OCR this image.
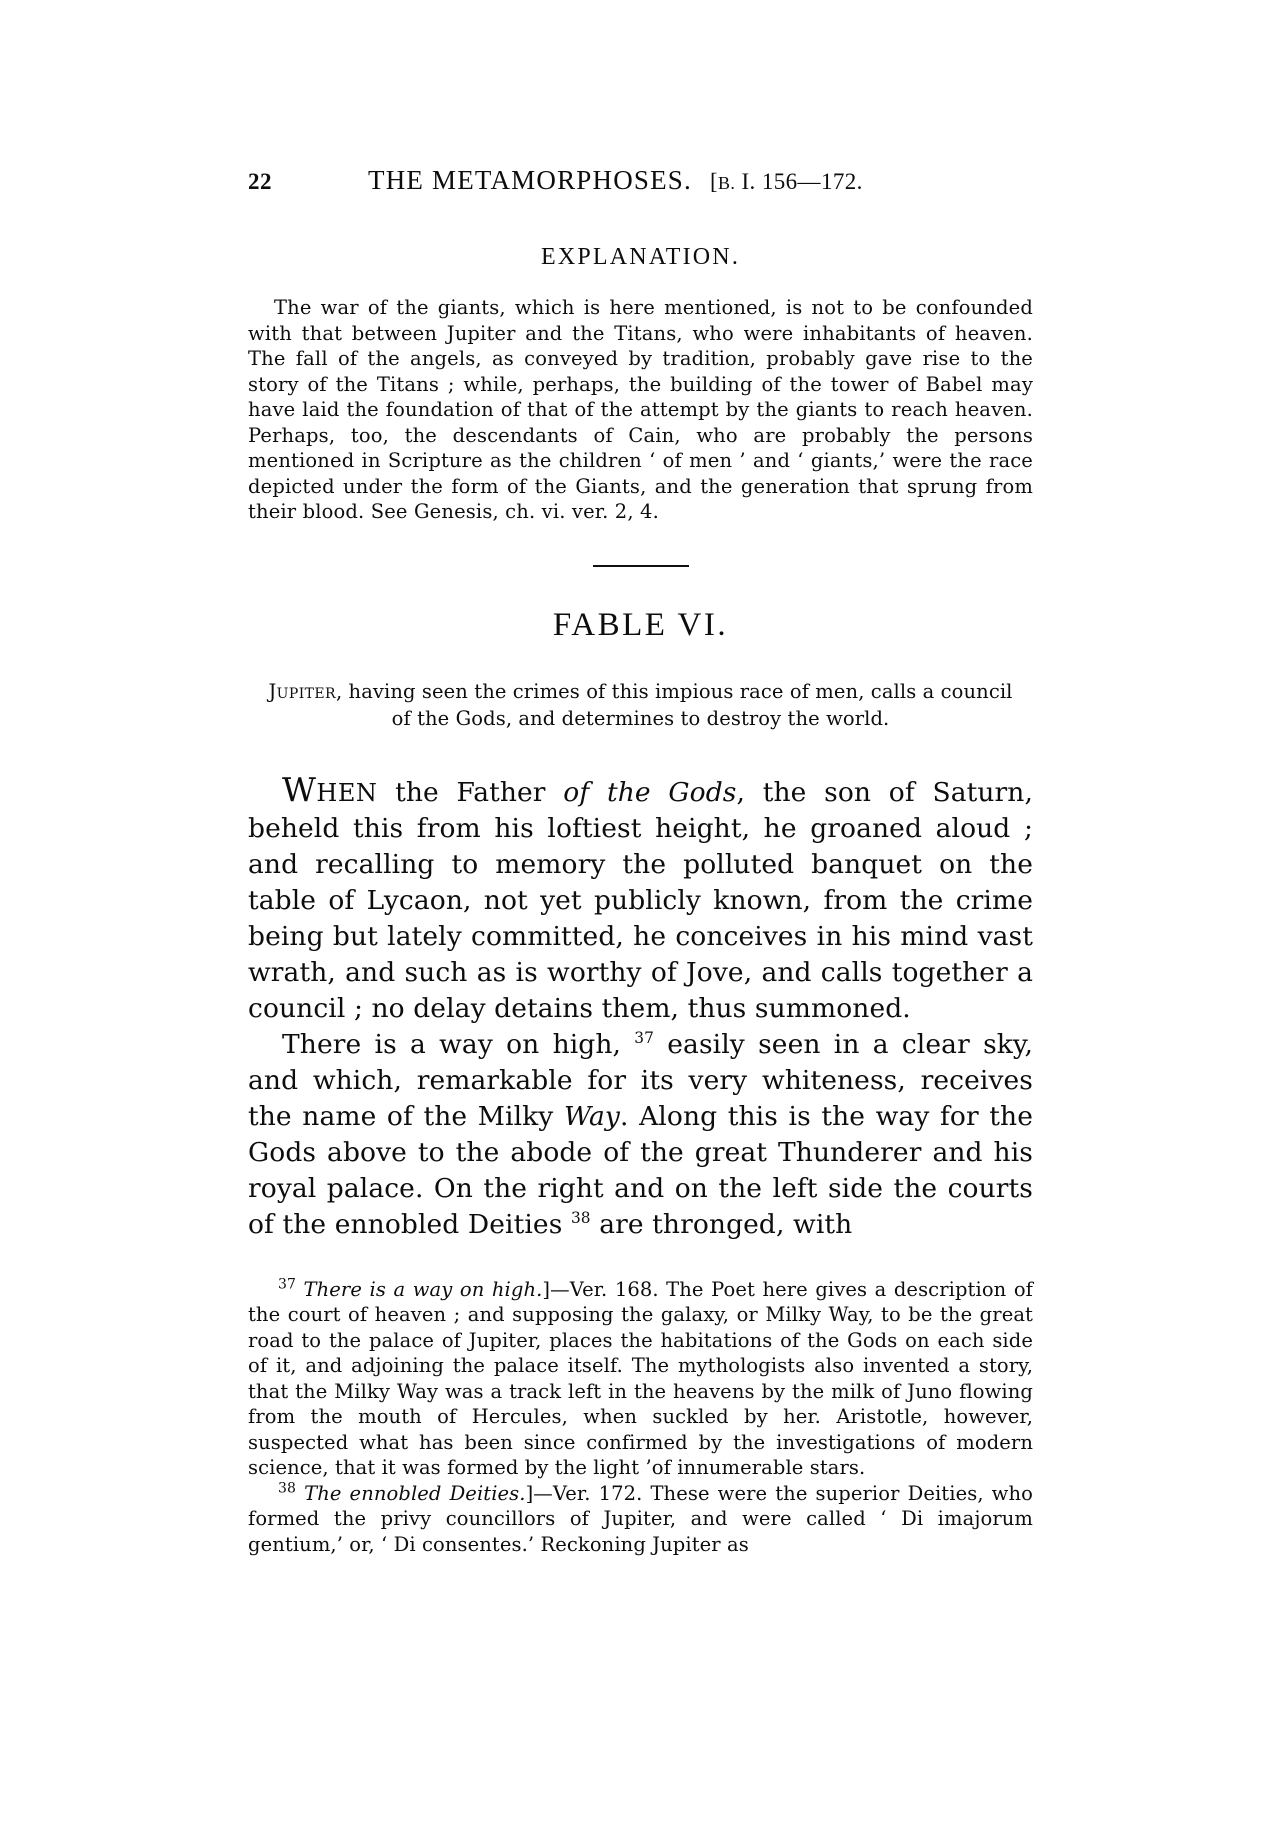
22	THE METAMORPHOSES. [B. I. 156—172.
EXPLANATION.

The war of the giants, which is here mentioned, is not to be confounded with that between Jupiter and the Titans, who were inhabitants of heaven. The fall of the angels, as conveyed by tradition, probably gave rise to the story of the Titans ; while, perhaps, the building of the tower of Babel may have laid the foundation of that of the attempt by the giants to reach heaven. Perhaps, too, the descendants of Cain, who are probably the persons mentioned in Scripture as the children ‘ of men ’ and ‘ giants,’ were the race depicted under the form of the Giants, and the generation that sprung from their blood. See Genesis, ch. vi. ver. 2, 4.

FABLE VI.
Jupiter, having seen the crimes of this impious race of men, calls a council of the Gods, and determines to destroy the world.

WHEN the Father of the Gods, the son of Saturn, beheld this from his loftiest height, he groaned aloud ; and recalling to memory the polluted banquet on the table of Lycaon, not yet publicly known, from the crime being but lately committed, he conceives in his mind vast wrath, and such as is worthy of Jove, and calls together a council ; no delay detains them, thus summoned.

There is a way on high, $^{37}$ easily seen in a clear sky, and which, remarkable for its very whiteness, receives the name of the Milky Way. Along this is the way for the Gods above to the abode of the great Thunderer and his royal palace. On the right and on the left side the courts of the ennobled Deities $^{38}$ are thronged, with

$^{37}$ There is a way on high.]—Ver. 168. The Poet here gives a description of the court of heaven ; and supposing the galaxy, or Milky Way, to be the great road to the palace of Jupiter, places the habitations of the Gods on each side of it, and adjoining the palace itself. The mythologists also invented a story, that the Milky Way was a track left in the heavens by the milk of Juno flowing from the mouth of Hercules, when suckled by her. Aristotle, however, suspected what has been since confirmed by the investigations of modern science, that it was formed by the light ’of innumerable stars.

$^{38}$ The ennobled Deities.]—Ver. 172. These were the superior Deities, who formed the privy councillors of Jupiter, and were called ‘ Di imajorum gentium,’ or, ‘ Di consentes.’ Reckoning Jupiter as
